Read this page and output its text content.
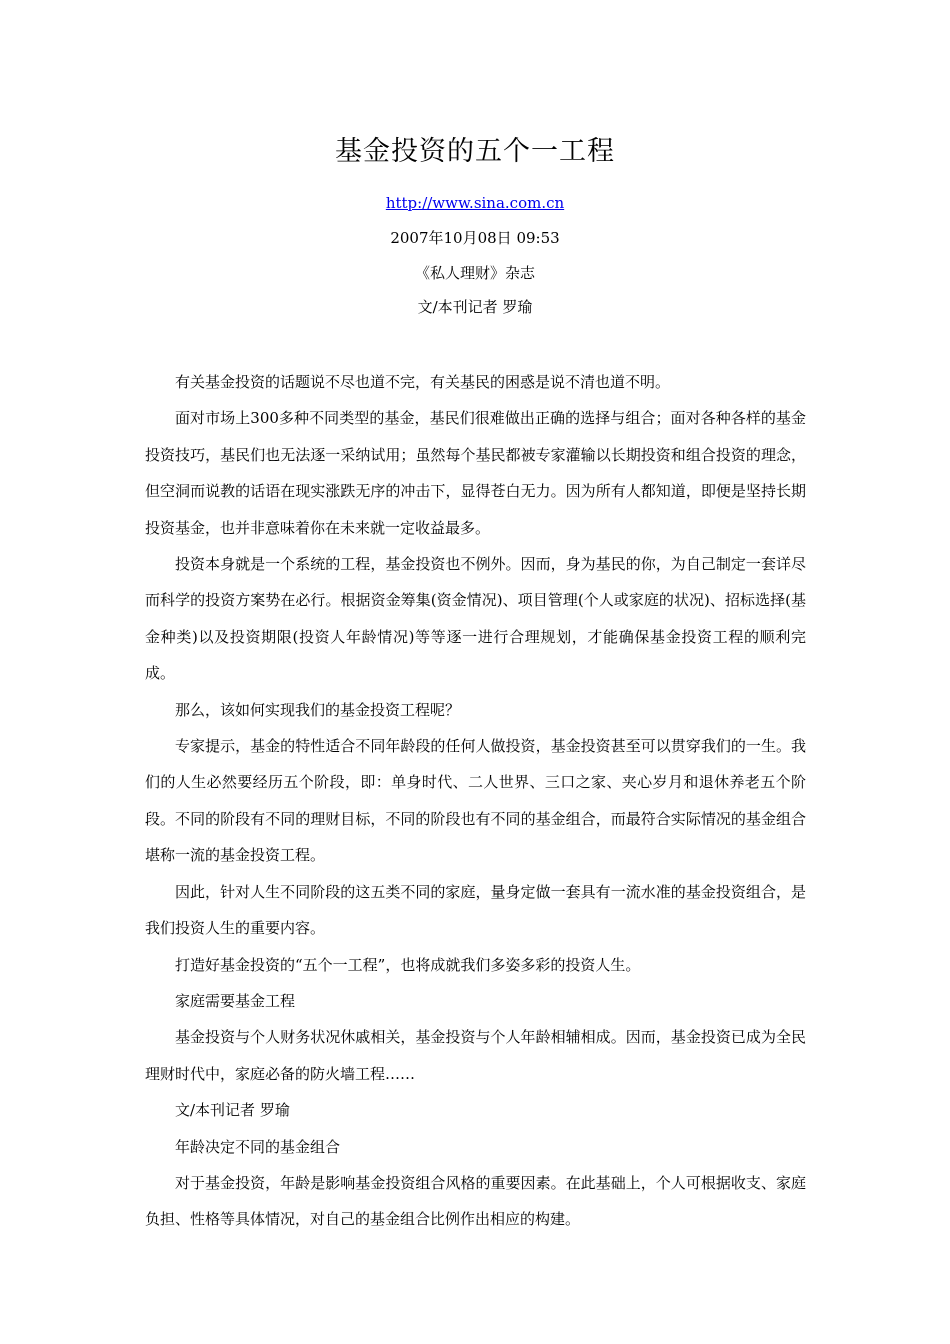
基金投资的五个一工程
http://www.sina.com.cn
2007年10月08日 09:53
《私人理财》杂志
文/本刊记者 罗瑜

有关基金投资的话题说不尽也道不完，有关基民的困惑是说不清也道不明。

面对市场上300多种不同类型的基金，基民们很难做出正确的选择与组合；面对各种各样的基金投资技巧，基民们也无法逐一采纳试用；虽然每个基民都被专家灌输以长期投资和组合投资的理念，但空洞而说教的话语在现实涨跌无序的冲击下，显得苍白无力。因为所有人都知道，即便是坚持长期投资基金，也并非意味着你在未来就一定收益最多。

投资本身就是一个系统的工程，基金投资也不例外。因而，身为基民的你，为自己制定一套详尽而科学的投资方案势在必行。根据资金筹集(资金情况)、项目管理(个人或家庭的状况)、招标选择(基金种类)以及投资期限(投资人年龄情况)等等逐一进行合理规划，才能确保基金投资工程的顺利完成。

那么，该如何实现我们的基金投资工程呢？

专家提示，基金的特性适合不同年龄段的任何人做投资，基金投资甚至可以贯穿我们的一生。我们的人生必然要经历五个阶段，即：单身时代、二人世界、三口之家、夹心岁月和退休养老五个阶段。不同的阶段有不同的理财目标，不同的阶段也有不同的基金组合，而最符合实际情况的基金组合堪称一流的基金投资工程。

因此，针对人生不同阶段的这五类不同的家庭，量身定做一套具有一流水准的基金投资组合，是我们投资人生的重要内容。

打造好基金投资的“五个一工程”，也将成就我们多姿多彩的投资人生。

家庭需要基金工程

基金投资与个人财务状况休戚相关，基金投资与个人年龄相辅相成。因而，基金投资已成为全民理财时代中，家庭必备的防火墙工程……

文/本刊记者 罗瑜

年龄决定不同的基金组合

对于基金投资，年龄是影响基金投资组合风格的重要因素。在此基础上，个人可根据收支、家庭负担、性格等具体情况，对自己的基金组合比例作出相应的构建。
